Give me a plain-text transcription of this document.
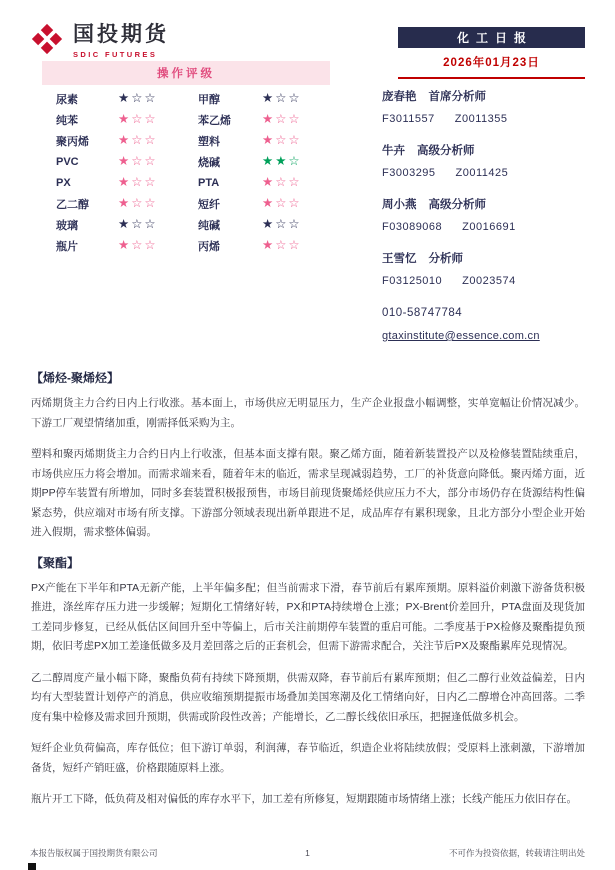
国投期货
SDIC FUTURES
化工日报
2026年01月23日
操作评级
尿素	★☆☆	甲醇	★☆☆
纯苯	★☆☆	苯乙烯	★☆☆
聚丙烯	★☆☆	塑料	★☆☆
PVC	★☆☆	烧碱	★★☆
PX	★☆☆	PTA	★☆☆
乙二醇	★☆☆	短纤	★☆☆
玻璃	★☆☆	纯碱	★☆☆
瓶片	★☆☆	丙烯	★☆☆
庞春艳 首席分析师
F3011557 Z0011355
牛卉 高级分析师
F3003295 Z0011425
周小燕 高级分析师
F03089068 Z0016691
王雪忆 分析师
F03125010 Z0023574
010-58747784
gtaxinstitute@essence.com.cn
【烯烃-聚烯烃】

丙烯期货主力合约日内上行收涨。基本面上，市场供应无明显压力，生产企业报盘小幅调整，实单宽幅让价情况减少。下游工厂观望情绪加重，刚需择低采购为主。

塑料和聚丙烯期货主力合约日内上行收涨，但基本面支撑有限。聚乙烯方面，随着新装置投产以及检修装置陆续重启，市场供应压力将会增加。而需求端来看，随着年末的临近，需求呈现减弱趋势，工厂的补货意向降低。聚丙烯方面，近期PP停车装置有所增加，同时多套装置积极报预售，市场目前现货聚烯烃供应压力不大，部分市场仍存在货源结构性偏紧态势，供应端对市场有所支撑。下游部分领域表现出新单跟进不足，成品库存有累积现象，且北方部分小型企业开始进入假期，需求整体偏弱。

【聚酯】

PX产能在下半年和PTA无新产能，上半年偏多配；但当前需求下滑，春节前后有累库预期。原料溢价刺激下游备货积极推进，涤丝库存压力进一步缓解；短期化工情绪好转，PX和PTA持续增仓上涨；PX-Brent价差回升，PTA盘面及现货加工差同步修复，已经从低估区间回升至中等偏上，后市关注前期停车装置的重启可能。二季度基于PX检修及聚酯提负预期，依旧考虑PX加工差逢低做多及月差回落之后的正套机会，但需下游需求配合，关注节后PX及聚酯累库兑现情况。

乙二醇周度产量小幅下降，聚酯负荷有持续下降预期，供需双降，春节前后有累库预期；但乙二醇行业效益偏差，日内均有大型装置计划停产的消息，供应收缩预期提振市场叠加美国寒潮及化工情绪向好，日内乙二醇增仓冲高回落。二季度有集中检修及需求回升预期，供需或阶段性改善；产能增长，乙二醇长线依旧承压，把握逢低做多机会。

短纤企业负荷偏高，库存低位；但下游订单弱，利润薄，春节临近，织造企业将陆续放假；受原料上涨刺激，下游增加备货，短纤产销旺盛，价格跟随原料上涨。

瓶片开工下降，低负荷及相对偏低的库存水平下，加工差有所修复，短期跟随市场情绪上涨；长线产能压力依旧存在。

本报告版权属于国投期货有限公司	1	不可作为投资依据，转载请注明出处
